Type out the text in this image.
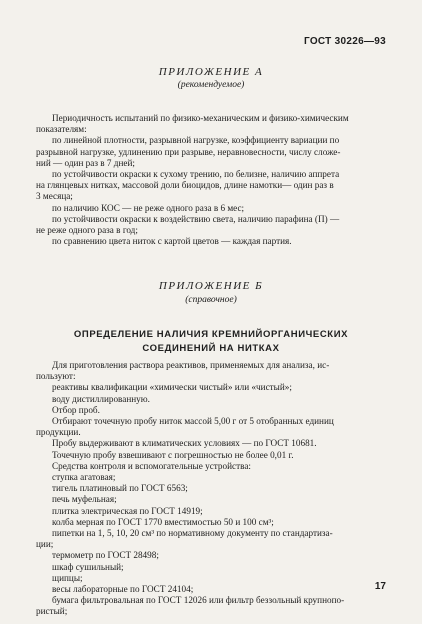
ГОСТ 30226—93
ПРИЛОЖЕНИЕ А
(рекомендуемое)
Периодичность испытаний по физико-механическим и физико-химическим
показателям:
по линейной плотности, разрывной нагрузке, коэффициенту вариации по
разрывной нагрузке, удлинению при разрыве, неравновесности, числу сложе-
ний — один раз в 7 дней;
по устойчивости окраски к сухому трению, по белизне, наличию аппрета
на глянцевых нитках, массовой доли биоцидов, длине намотки— один раз в
3 месяца;
по наличию КОС — не реже одного раза в 6 мес;
по устойчивости окраски к воздействию света, наличию парафина (П) —
не реже одного раза в год;
по сравнению цвета ниток с картой цветов — каждая партия.
ПРИЛОЖЕНИЕ Б
(справочное)
ОПРЕДЕЛЕНИЕ НАЛИЧИЯ КРЕМНИЙОРГАНИЧЕСКИХ
СОЕДИНЕНИЙ НА НИТКАХ
Для приготовления раствора реактивов, применяемых для анализа, ис-
пользуют:
реактивы квалификации «химически чистый» или «чистый»;
воду дистиллированную.
Отбор проб.
Отбирают точечную пробу ниток массой 5,00 г от 5 отобранных единиц
продукции.
Пробу выдерживают в климатических условиях — по ГОСТ 10681.
Точечную пробу взвешивают с погрешностью не более 0,01 г.
Средства контроля и вспомогательные устройства:
ступка агатовая;
тигель платиновый по ГОСТ 6563;
печь муфельная;
плитка электрическая по ГОСТ 14919;
колба мерная по ГОСТ 1770 вместимостью 50 и 100 см³;
пипетки на 1, 5, 10, 20 см³ по нормативному документу по стандартиза-
ции;
термометр по ГОСТ 28498;
шкаф сушильный;
щипцы;
весы лабораторные по ГОСТ 24104;
бумага фильтровальная по ГОСТ 12026 или фильтр беззольный крупнопо-
ристый;
17
